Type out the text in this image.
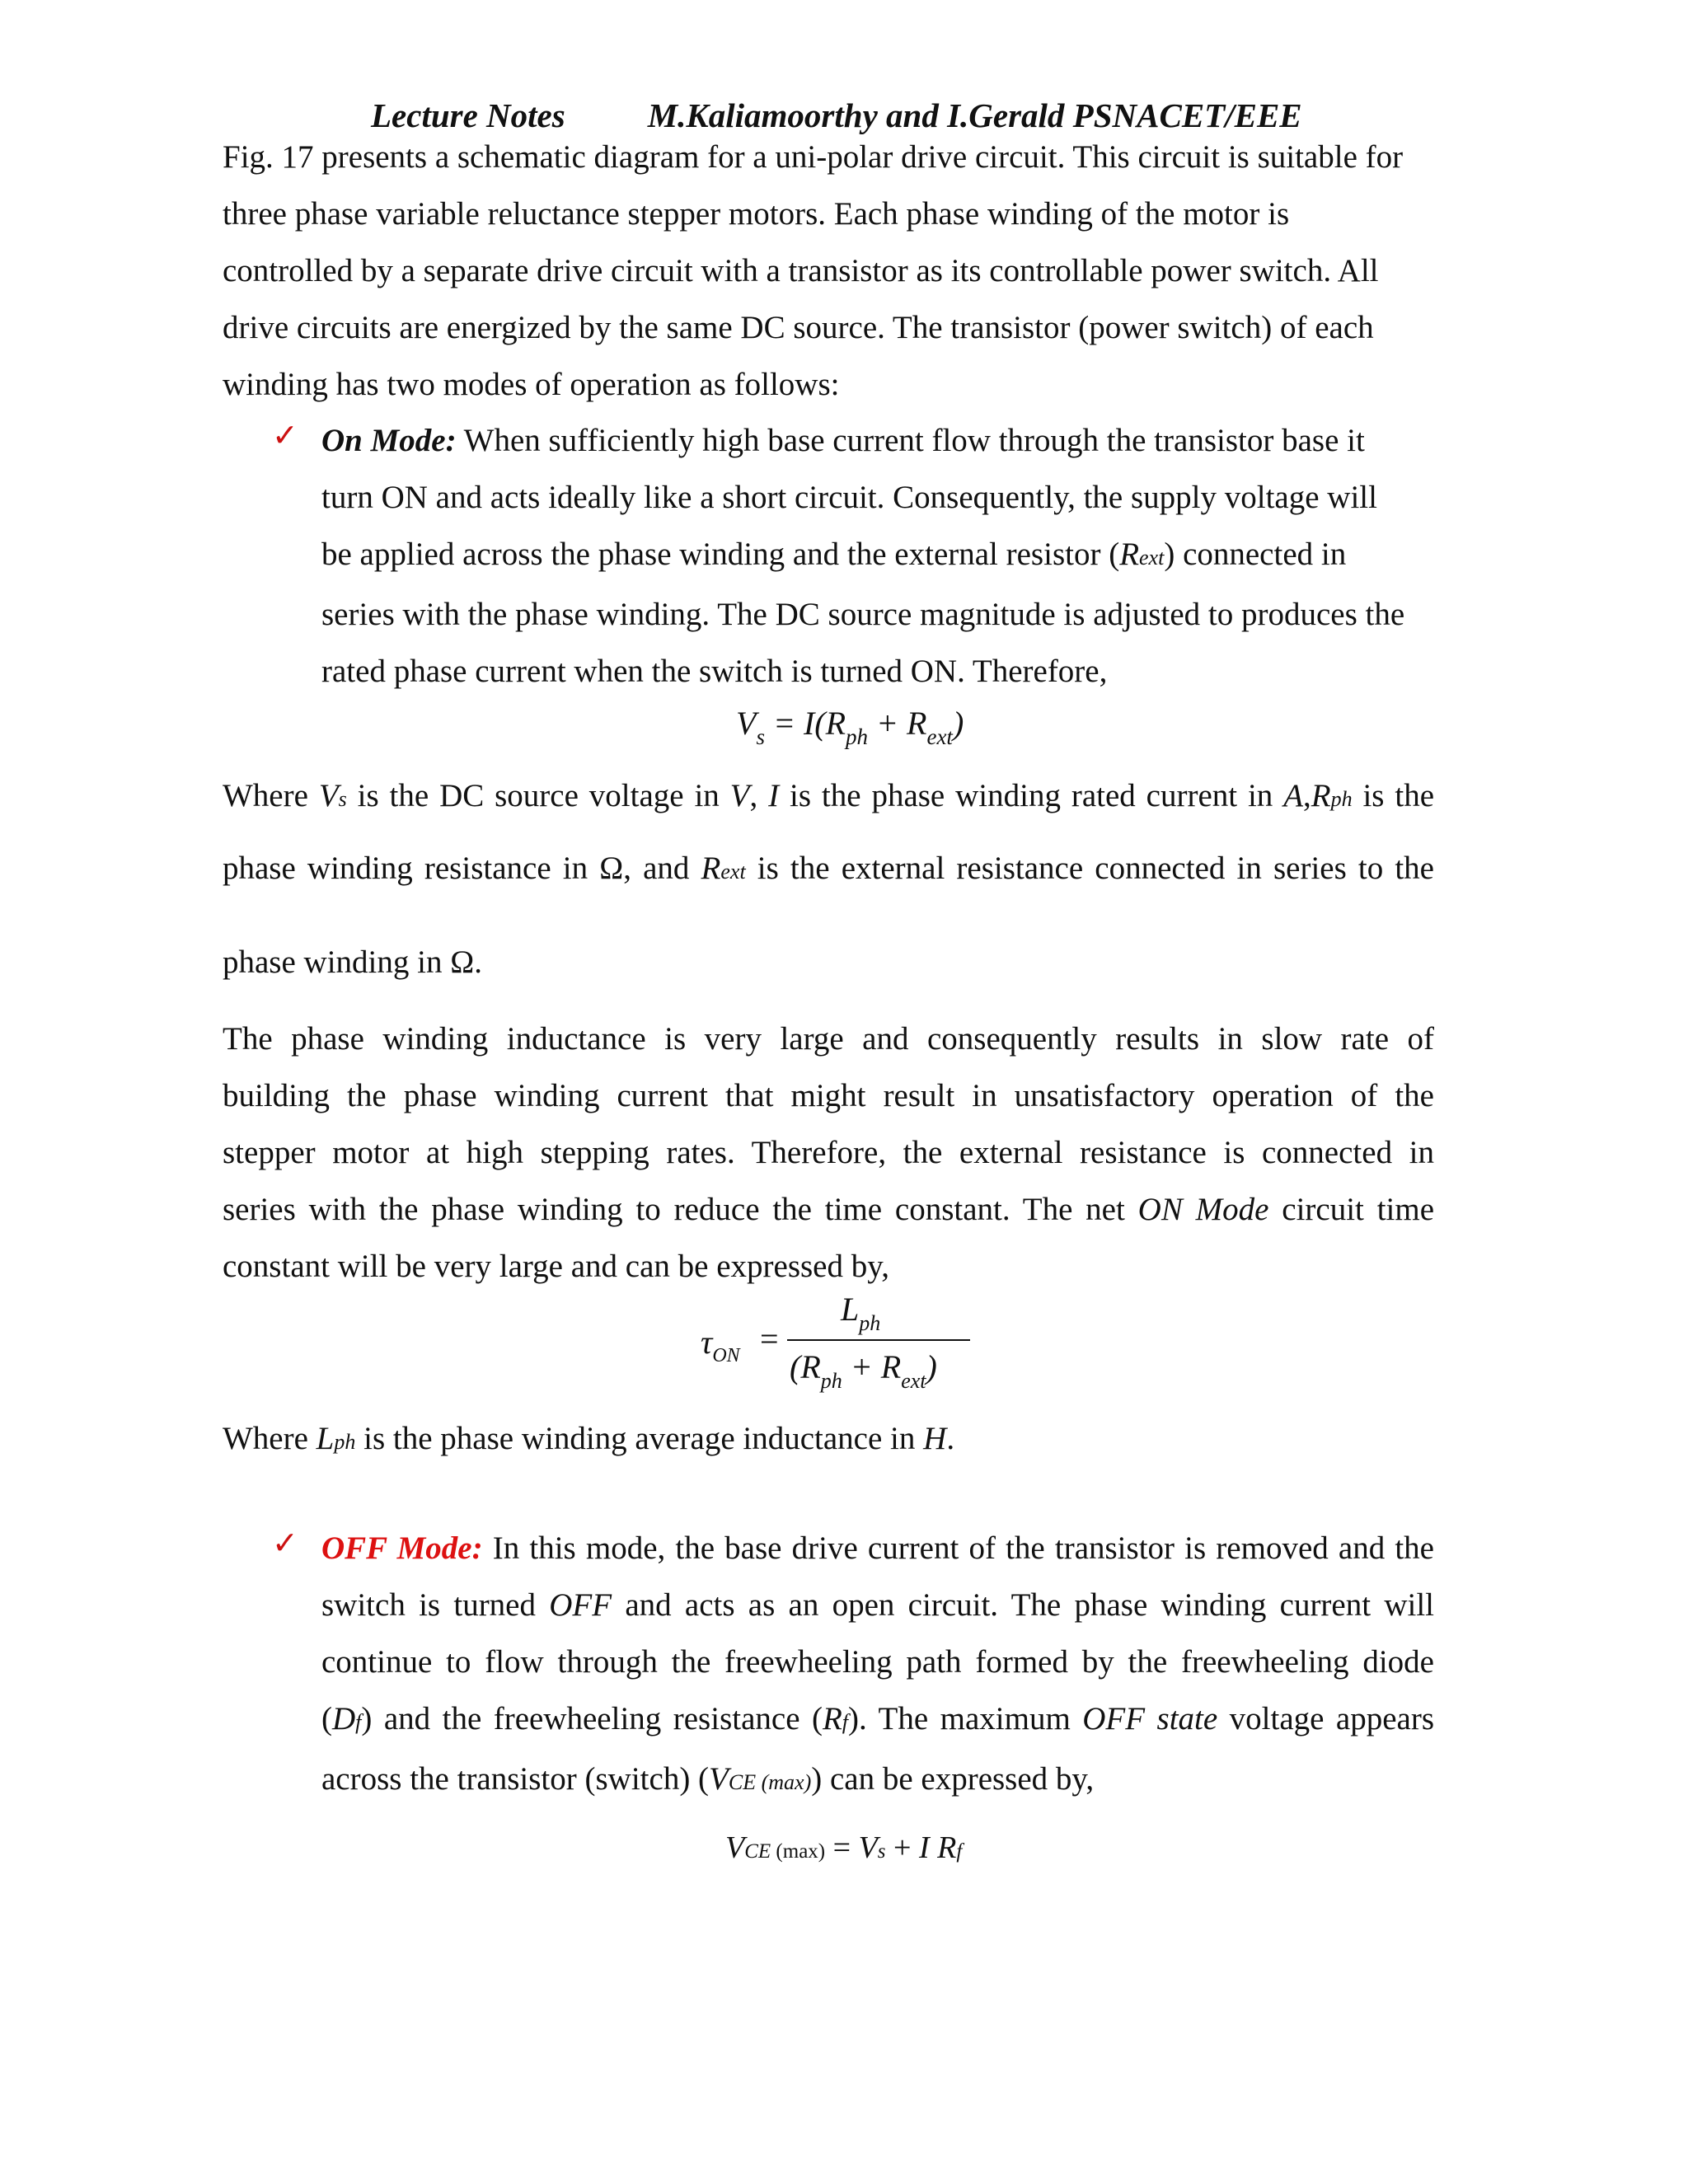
Lecture Notes M.Kaliamoorthy and I.Gerald PSNACET/EEE
Fig. 17 presents a schematic diagram for a uni-polar drive circuit. This circuit is suitable for
three phase variable reluctance stepper motors. Each phase winding of the motor is
controlled by a separate drive circuit with a transistor as its controllable power switch. All
drive circuits are energized by the same DC source. The transistor (power switch) of each
winding has two modes of operation as follows:
✓ On Mode: When sufficiently high base current flow through the transistor base it
turn ON and acts ideally like a short circuit. Consequently, the supply voltage will
be applied across the phase winding and the external resistor (Rext) connected in
series with the phase winding. The DC source magnitude is adjusted to produces the
rated phase current when the switch is turned ON. Therefore,
$V_s = I(R_{ph} + R_{ext})$
Where Vs is the DC source voltage in V, I is the phase winding rated current in A,Rph is the
phase winding resistance in Ω, and Rext is the external resistance connected in series to the
phase winding in Ω.
The phase winding inductance is very large and consequently results in slow rate of
building the phase winding current that might result in unsatisfactory operation of the
stepper motor at high stepping rates. Therefore, the external resistance is connected in
series with the phase winding to reduce the time constant. The net ON Mode circuit time
constant will be very large and can be expressed by,
$\tau_{ON}$ =
$L_{ph}$
$(R_{ph} + R_{ext})$
Where Lph is the phase winding average inductance in H.
✓ OFF Mode: In this mode, the base drive current of the transistor is removed and the
switch is turned OFF and acts as an open circuit. The phase winding current will
continue to flow through the freewheeling path formed by the freewheeling diode
(Df) and the freewheeling resistance (Rf). The maximum OFF state voltage appears
across the transistor (switch) (VCE (max)) can be expressed by,
VCE (max) = Vs + I Rf
